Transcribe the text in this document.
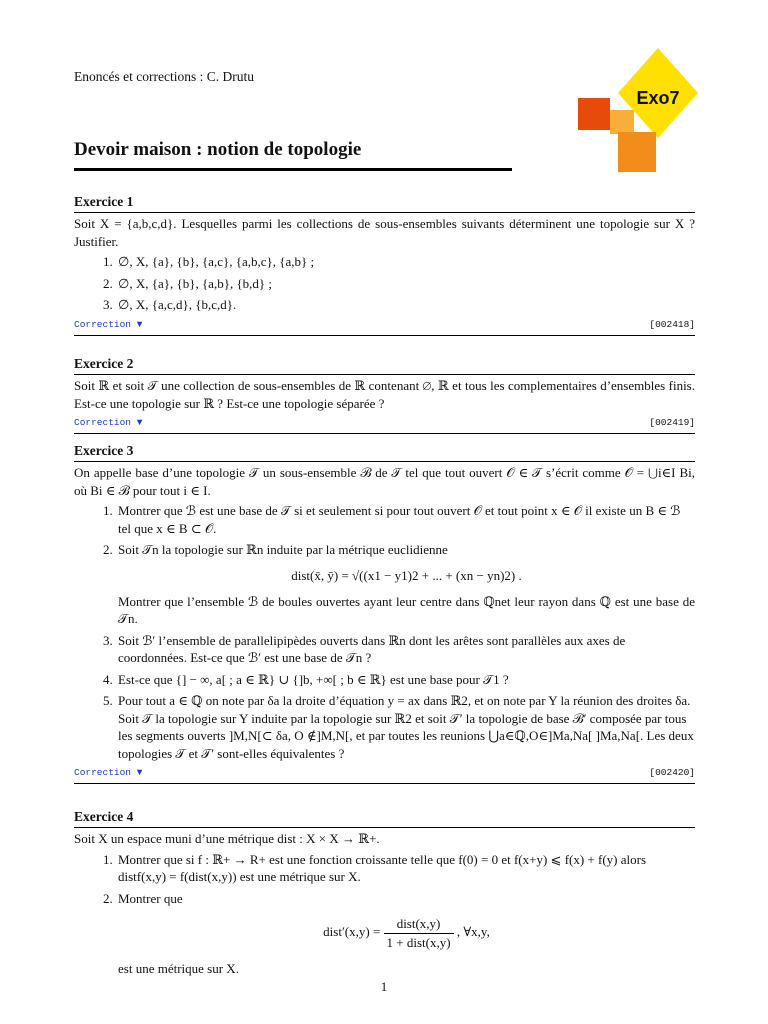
Enoncés et corrections : C. Drutu
Exo7
Devoir maison : notion de topologie
Exercice 1
Soit X = {a,b,c,d}. Lesquelles parmi les collections de sous-ensembles suivants déterminent une topologie sur X ? Justifier.
1. ∅, X, {a}, {b}, {a,c}, {a,b,c}, {a,b} ;
2. ∅, X, {a}, {b}, {a,b}, {b,d} ;
3. ∅, X, {a,c,d}, {b,c,d}.
Correction ▼	[002418]
Exercice 2
Soit ℝ et soit 𝒯 une collection de sous-ensembles de ℝ contenant ∅, ℝ et tous les complementaires d’ensembles finis. Est-ce une topologie sur ℝ ? Est-ce une topologie séparée ?
Correction ▼	[002419]
Exercice 3
On appelle base d’une topologie 𝒯 un sous-ensemble ℬ de 𝒯 tel que tout ouvert 𝒪 ∈ 𝒯 s’écrit comme 𝒪 = ⋃i∈I Bi, où Bi ∈ ℬ pour tout i ∈ I.
1. Montrer que ℬ est une base de 𝒯 si et seulement si pour tout ouvert 𝒪 et tout point x ∈ 𝒪 il existe un B ∈ ℬ tel que x ∈ B ⊂ 𝒪.
2. Soit 𝒯n la topologie sur ℝn induite par la métrique euclidienne
dist(x̄, ȳ) = √((x1 − y1)2 + ... + (xn − yn)2) .
Montrer que l’ensemble ℬ de boules ouvertes ayant leur centre dans ℚnet leur rayon dans ℚ est une base de 𝒯n.
3. Soit ℬ′ l’ensemble de parallelipipèdes ouverts dans ℝn dont les arêtes sont parallèles aux axes de coordonnées. Est-ce que ℬ′ est une base de 𝒯n ?
4. Est-ce que {] − ∞, a[ ; a ∈ ℝ} ∪ {]b, +∞[ ; b ∈ ℝ} est une base pour 𝒯1 ?
5. Pour tout a ∈ ℚ on note par δa la droite d’équation y = ax dans ℝ2, et on note par Y la réunion des droites δa. Soit 𝒯 la topologie sur Y induite par la topologie sur ℝ2 et soit 𝒯′ la topologie de base ℬ′ composée par tous les segments ouverts ]M,N[⊂ δa, O ∉]M,N[, et par toutes les reunions ⋃a∈ℚ,O∈]Ma,Na[ ]Ma,Na[. Les deux topologies 𝒯 et 𝒯′ sont-elles équivalentes ?
Correction ▼	[002420]
Exercice 4
Soit X un espace muni d’une métrique dist : X × X → ℝ+.
1. Montrer que si f : ℝ+ → R+ est une fonction croissante telle que f(0) = 0 et f(x+y) ⩽ f(x) + f(y) alors distf(x,y) = f(dist(x,y)) est une métrique sur X.
2. Montrer que
dist′(x,y) = $\frac{\text{dist(x,y)}}{\text{1 + dist(x,y)}}$ , ∀x,y,
est une métrique sur X.
1
